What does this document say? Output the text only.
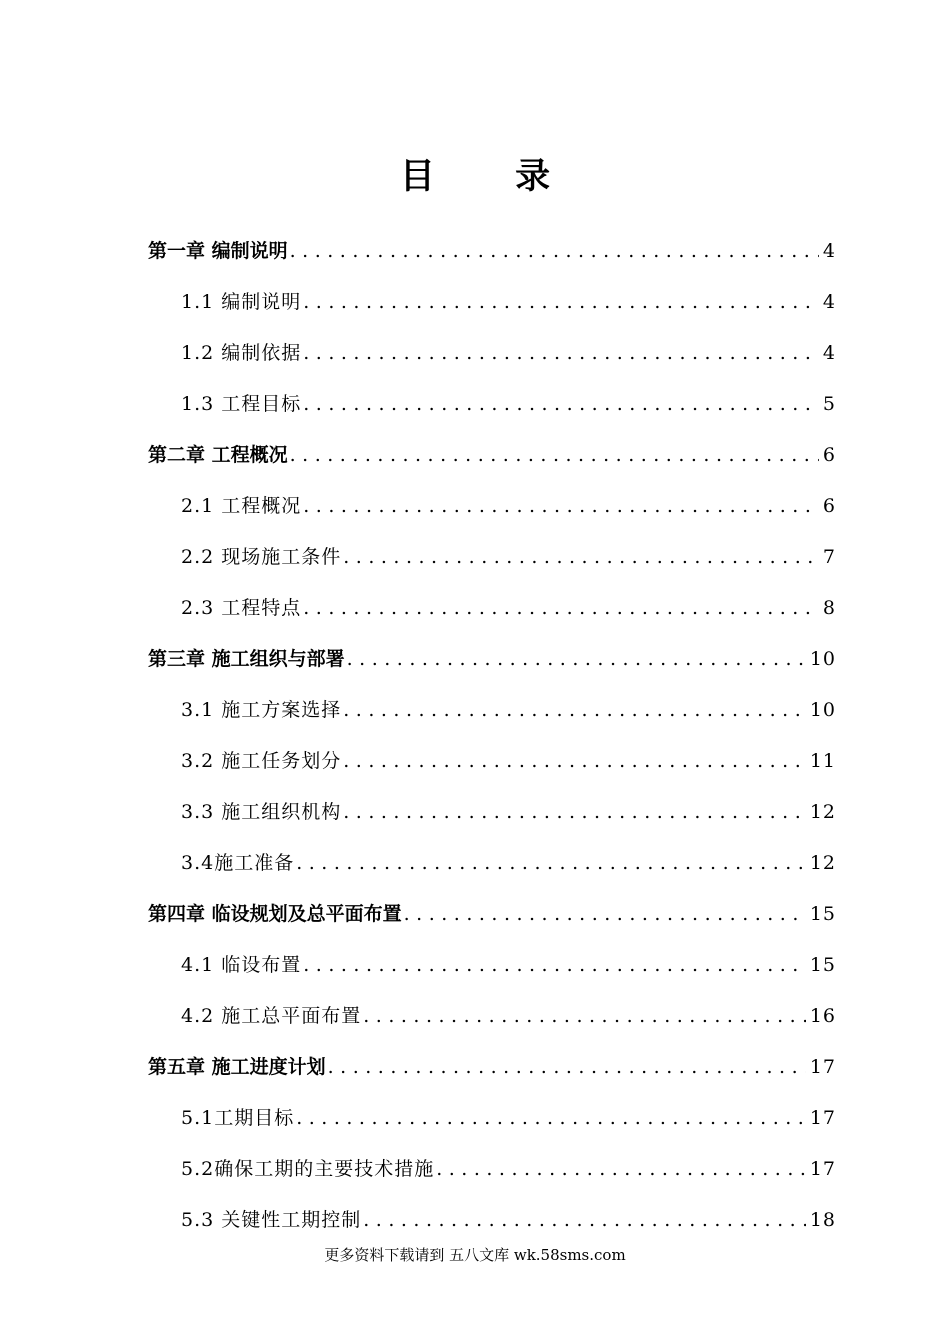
目 录
第一章 编制说明 .....	4
1.1 编制说明 .....	4
1.2 编制依据 .....	4
1.3 工程目标 .....	5
第二章 工程概况 .....	6
2.1 工程概况 .....	6
2.2 现场施工条件 .....	7
2.3 工程特点 .....	8
第三章 施工组织与部署 .....	10
3.1 施工方案选择 .....	10
3.2 施工任务划分 .....	11
3.3 施工组织机构 .....	12
3.4施工准备 .....	12
第四章 临设规划及总平面布置 .....	15
4.1 临设布置 .....	15
4.2 施工总平面布置 .....	16
第五章 施工进度计划 .....	17
5.1工期目标 .....	17
5.2确保工期的主要技术措施 .....	17
5.3 关键性工期控制 .....	18
更多资料下载请到 五八文库 wk.58sms.com
